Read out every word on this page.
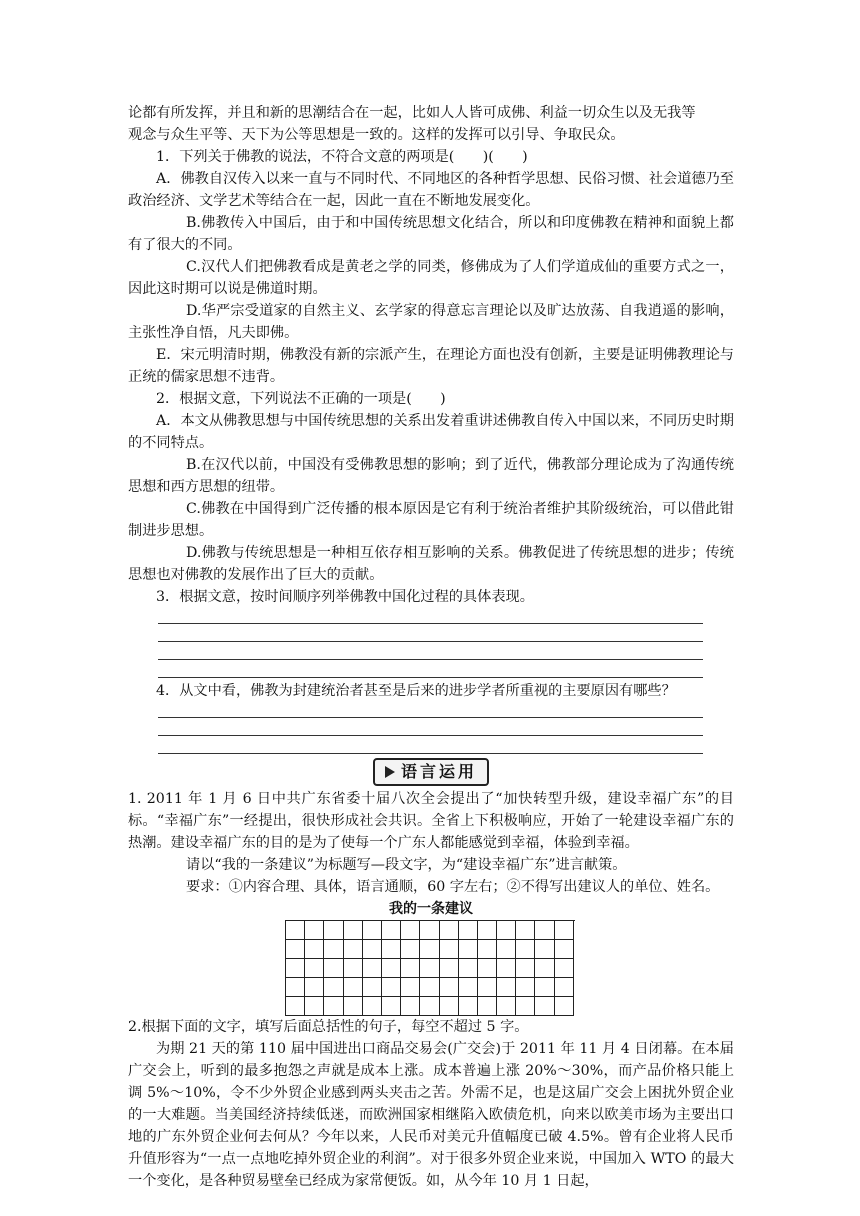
论都有所发挥，并且和新的思潮结合在一起，比如人人皆可成佛、利益一切众生以及无我等

观念与众生平等、天下为公等思想是一致的。这样的发挥可以引导、争取民众。

1．下列关于佛教的说法，不符合文意的两项是(　　)(　　)

A．佛教自汉传入以来一直与不同时代、不同地区的各种哲学思想、民俗习惯、社会道德乃至政治经济、文学艺术等结合在一起，因此一直在不断地发展变化。

B.佛教传入中国后，由于和中国传统思想文化结合，所以和印度佛教在精神和面貌上都有了很大的不同。

C.汉代人们把佛教看成是黄老之学的同类，修佛成为了人们学道成仙的重要方式之一，因此这时期可以说是佛道时期。

D.华严宗受道家的自然主义、玄学家的得意忘言理论以及旷达放荡、自我逍遥的影响，主张性净自悟，凡夫即佛。

E．宋元明清时期，佛教没有新的宗派产生，在理论方面也没有创新，主要是证明佛教理论与正统的儒家思想不违背。

2．根据文意，下列说法不正确的一项是(　　)

A．本文从佛教思想与中国传统思想的关系出发着重讲述佛教自传入中国以来，不同历史时期的不同特点。

B.在汉代以前，中国没有受佛教思想的影响；到了近代，佛教部分理论成为了沟通传统思想和西方思想的纽带。

C.佛教在中国得到广泛传播的根本原因是它有利于统治者维护其阶级统治，可以借此钳制进步思想。

D.佛教与传统思想是一种相互依存相互影响的关系。佛教促进了传统思想的进步；传统思想也对佛教的发展作出了巨大的贡献。

3．根据文意，按时间顺序列举佛教中国化过程的具体表现。

4．从文中看，佛教为封建统治者甚至是后来的进步学者所重视的主要原因有哪些？

语言运用

1. 2011 年 1 月 6 日中共广东省委十届八次全会提出了“加快转型升级，建设幸福广东”的目标。“幸福广东”一经提出，很快形成社会共识。全省上下积极响应，开始了一轮建设幸福广东的热潮。建设幸福广东的目的是为了使每一个广东人都能感觉到幸福，体验到幸福。

请以“我的一条建议”为标题写—段文字，为“建设幸福广东”进言献策。

要求：①内容合理、具体，语言通顺，60 字左右；②不得写出建议人的单位、姓名。

我的一条建议

2.根据下面的文字，填写后面总括性的句子，每空不超过 5 字。

为期 21 天的第 110 届中国进出口商品交易会(广交会)于 2011 年 11 月 4 日闭幕。在本届广交会上，听到的最多抱怨之声就是成本上涨。成本普遍上涨 20%～30%，而产品价格只能上调 5%～10%，令不少外贸企业感到两头夹击之苦。外需不足，也是这届广交会上困扰外贸企业的一大难题。当美国经济持续低迷，而欧洲国家相继陷入欧债危机，向来以欧美市场为主要出口地的广东外贸企业何去何从？今年以来，人民币对美元升值幅度已破 4.5%。曾有企业将人民币升值形容为“一点一点地吃掉外贸企业的利润”。对于很多外贸企业来说，中国加入 WTO 的最大一个变化，是各种贸易壁垒已经成为家常便饭。如，从今年 10 月 1 日起，
